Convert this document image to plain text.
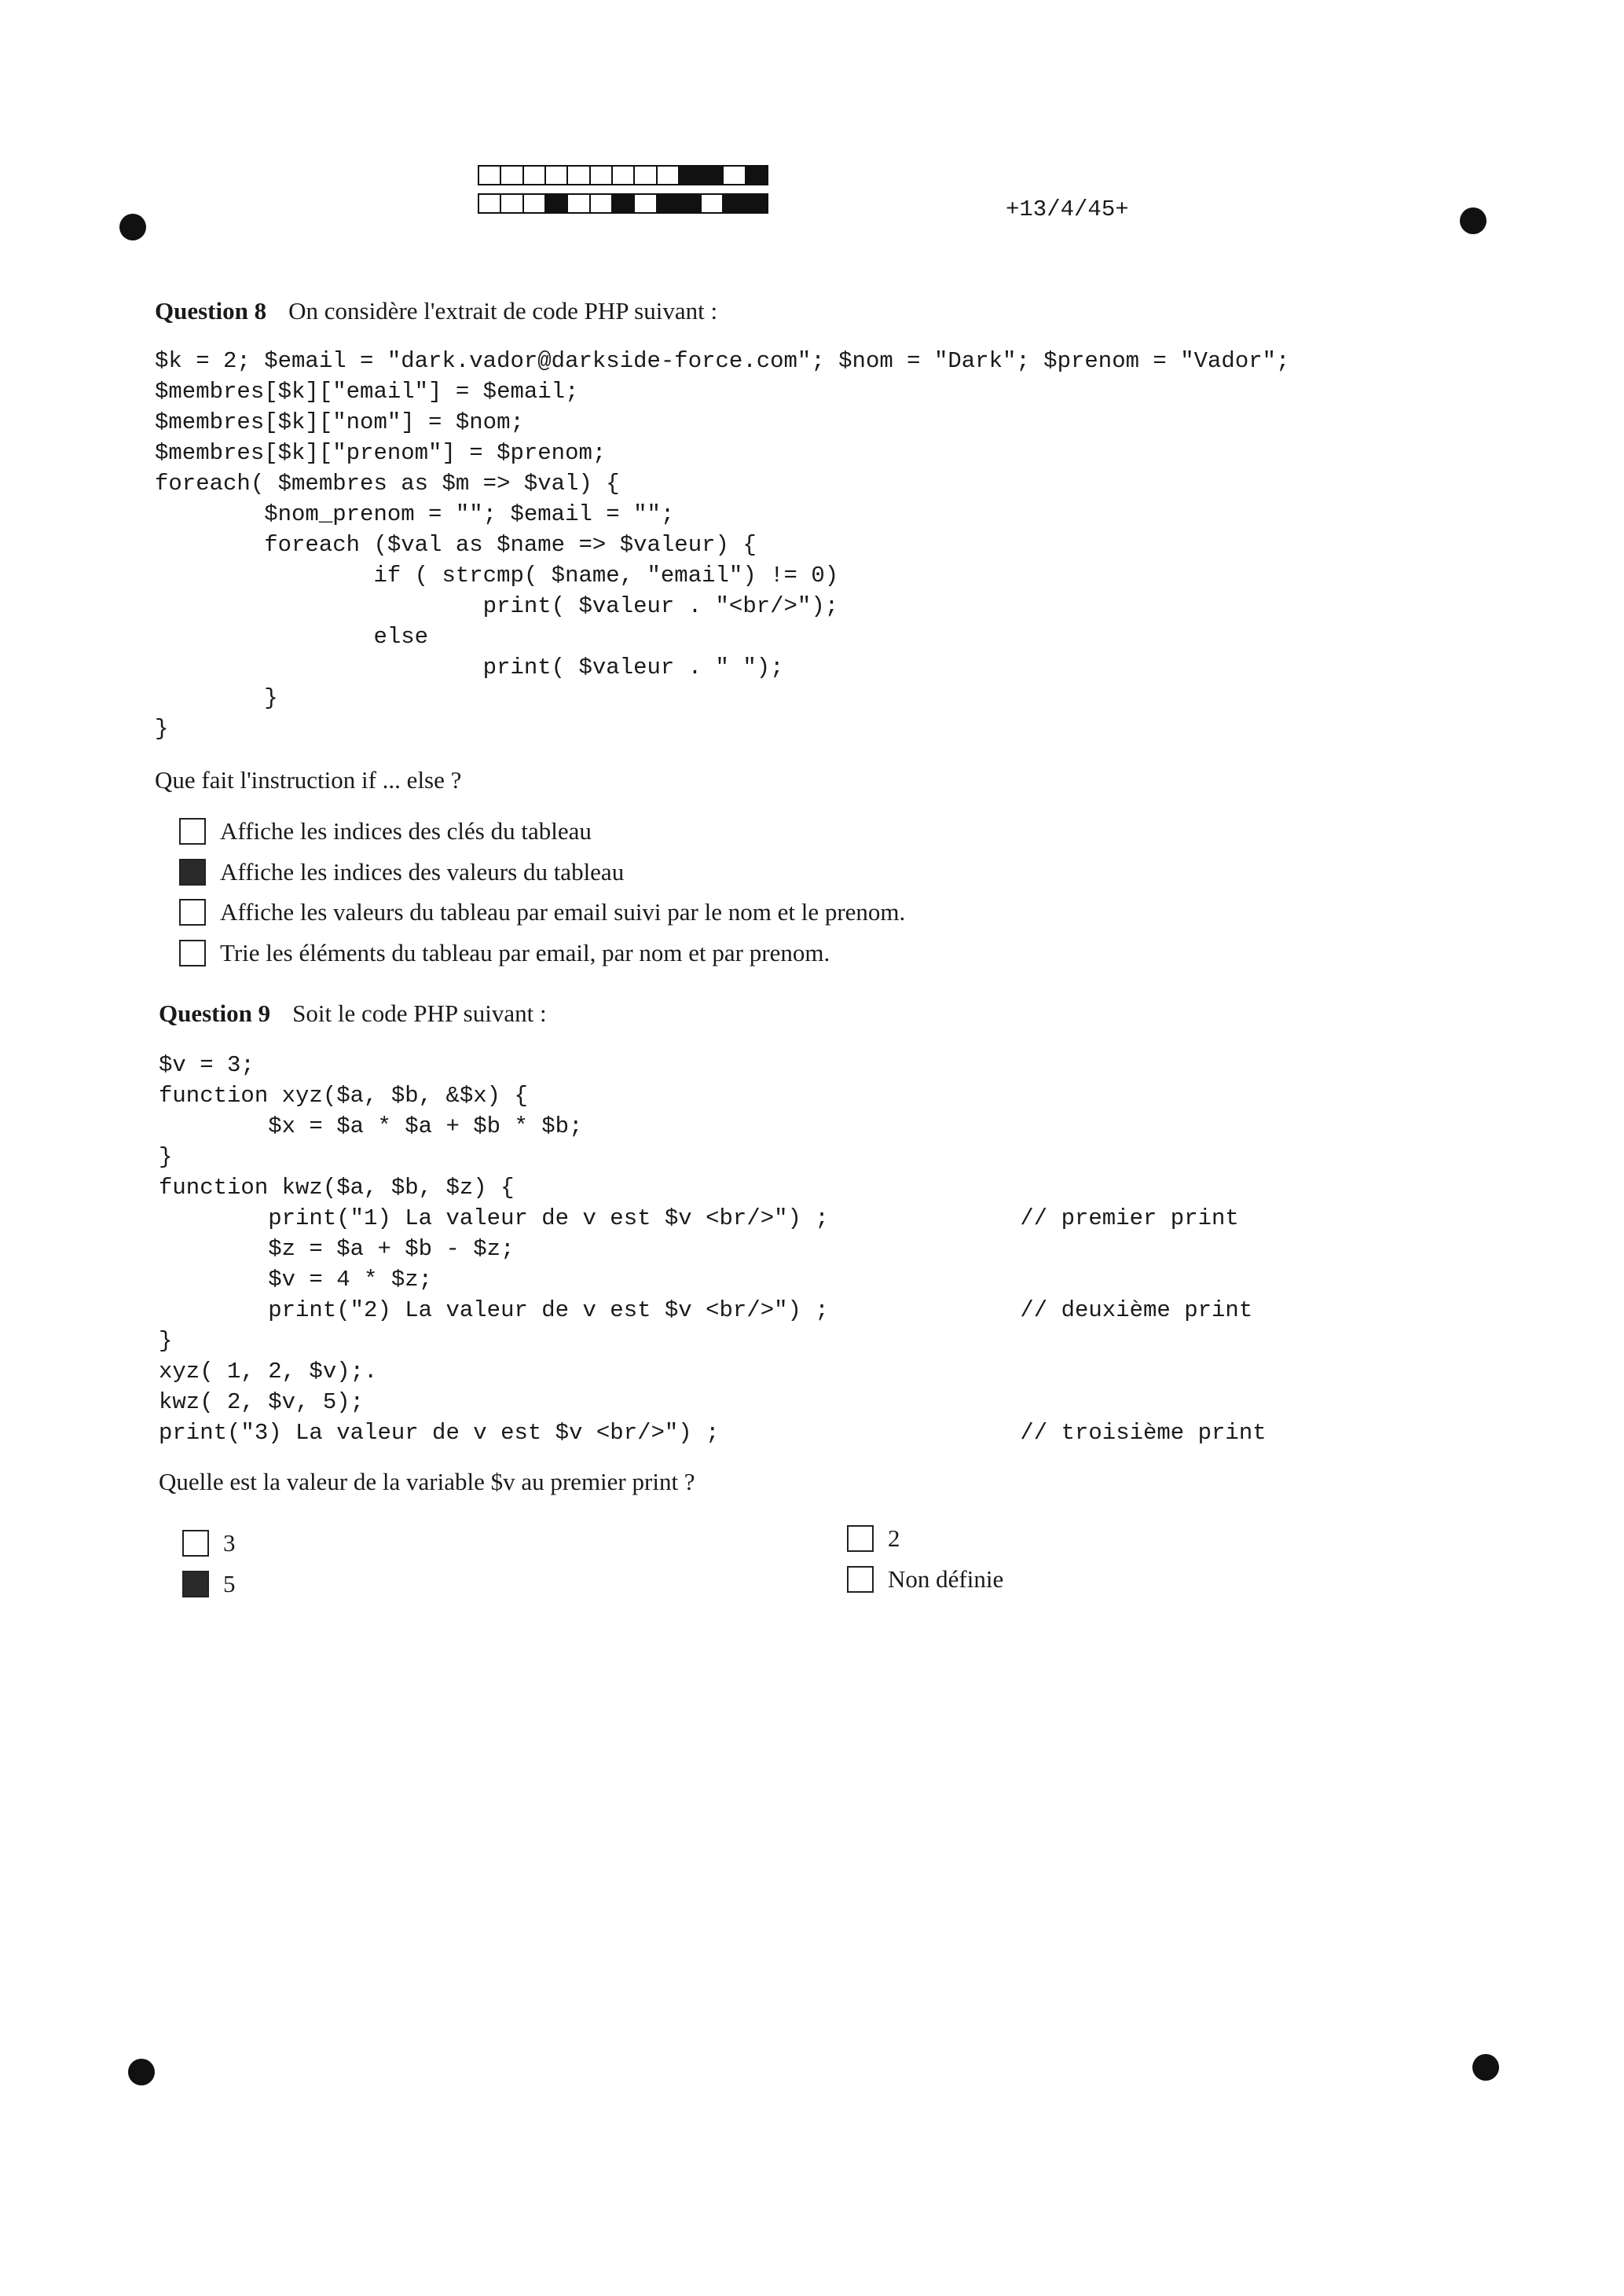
+13/4/45+
Question 8 On considère l'extrait de code PHP suivant :
$k = 2; $email = "dark.vador@darkside-force.com"; $nom = "Dark"; $prenom = "Vador";
$membres[$k]["email"] = $email;
$membres[$k]["nom"] = $nom;
$membres[$k]["prenom"] = $prenom;
foreach( $membres as $m => $val) {
$nom_prenom = ""; $email = "";
foreach ($val as $name => $valeur) {
if ( strcmp( $name, "email") != 0)
print( $valeur . "<br/>");
else
print( $valeur . " ");
}
}
Que fait l'instruction if ... else ?
Affiche les indices des clés du tableau
Affiche les indices des valeurs du tableau
Affiche les valeurs du tableau par email suivi par le nom et le prenom.
Trie les éléments du tableau par email, par nom et par prenom.
Question 9 Soit le code PHP suivant :
$v = 3;
function xyz($a, $b, &$x) {
$x = $a * $a + $b * $b;
}
function kwz($a, $b, $z) {
print("1) La valeur de v est $v <br/>") ;              // premier print
$z = $a + $b - $z;
$v = 4 * $z;
print("2) La valeur de v est $v <br/>") ;              // deuxième print
}
xyz( 1, 2, $v);.
kwz( 2, $v, 5);
print("3) La valeur de v est $v <br/>") ;                      // troisième print
Quelle est la valeur de la variable $v au premier print ?
3
5
2
Non définie
